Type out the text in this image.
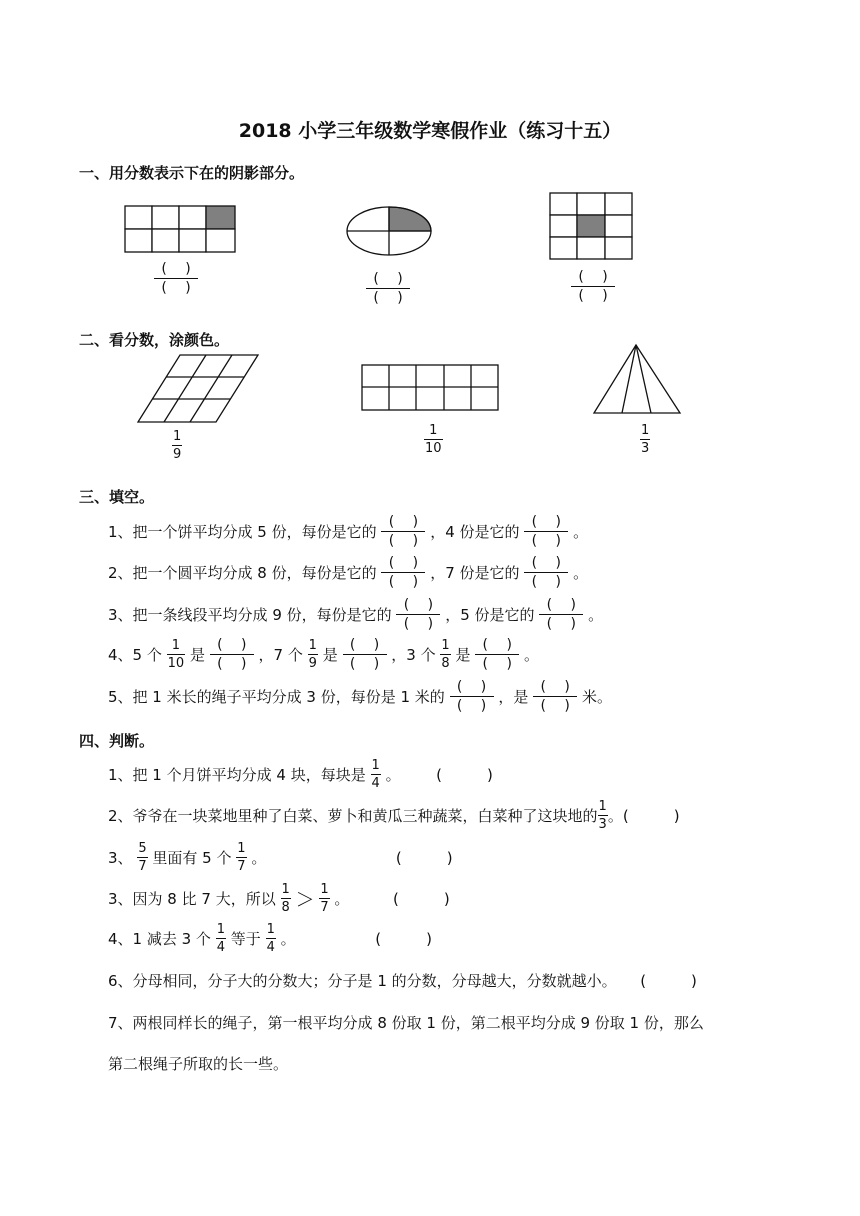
2018 小学三年级数学寒假作业（练习十五）
一、用分数表示下在的阴影部分。
(　 )
(　 )
(　 )
(　 )
(　 )
(　 )
二、看分数，涂颜色。
1
9
1
10
1
3
三、填空。
1、把一个饼平均分成 5 份，每份是它的 $\frac{( )}{( )}$ ，4 份是它的 $\frac{( )}{( )}$ 。
2、把一个圆平均分成 8 份，每份是它的 $\frac{( )}{( )}$ ，7 份是它的 $\frac{( )}{( )}$ 。
3、把一条线段平均分成 9 份，每份是它的 $\frac{( )}{( )}$ ，5 份是它的 $\frac{( )}{( )}$ 。
4、5 个 $\frac{1}{10}$ 是 $\frac{( )}{( )}$ ，7 个 $\frac{1}{9}$ 是 $\frac{( )}{( )}$ ，3 个 $\frac{1}{8}$ 是 $\frac{( )}{( )}$ 。
5、把 1 米长的绳子平均分成 3 份，每份是 1 米的 $\frac{( )}{( )}$ ，是 $\frac{( )}{( )}$ 米。
四、判断。
1、把 1 个月饼平均分成 4 块，每块是 $\frac{1}{4}$ 。 (　　　)
2、爷爷在一块菜地里种了白菜、萝卜和黄瓜三种蔬菜，白菜种了这块地的 $\frac{1}{3}$ 。(　　　)
3、 $\frac{5}{7}$ 里面有 5 个 $\frac{1}{7}$ 。	(　　　)
3、因为 8 比 7 大，所以 $\frac{1}{8} > \frac{1}{7}$ 。	(　　　)
4、1 减去 3 个 $\frac{1}{4}$ 等于 $\frac{1}{4}$ 。	(　　　)
6、分母相同，分子大的分数大；分子是 1 的分数，分母越大，分数就越小。 (　　　)
7、两根同样长的绳子，第一根平均分成 8 份取 1 份，第二根平均分成 9 份取 1 份，那么
第二根绳子所取的长一些。
